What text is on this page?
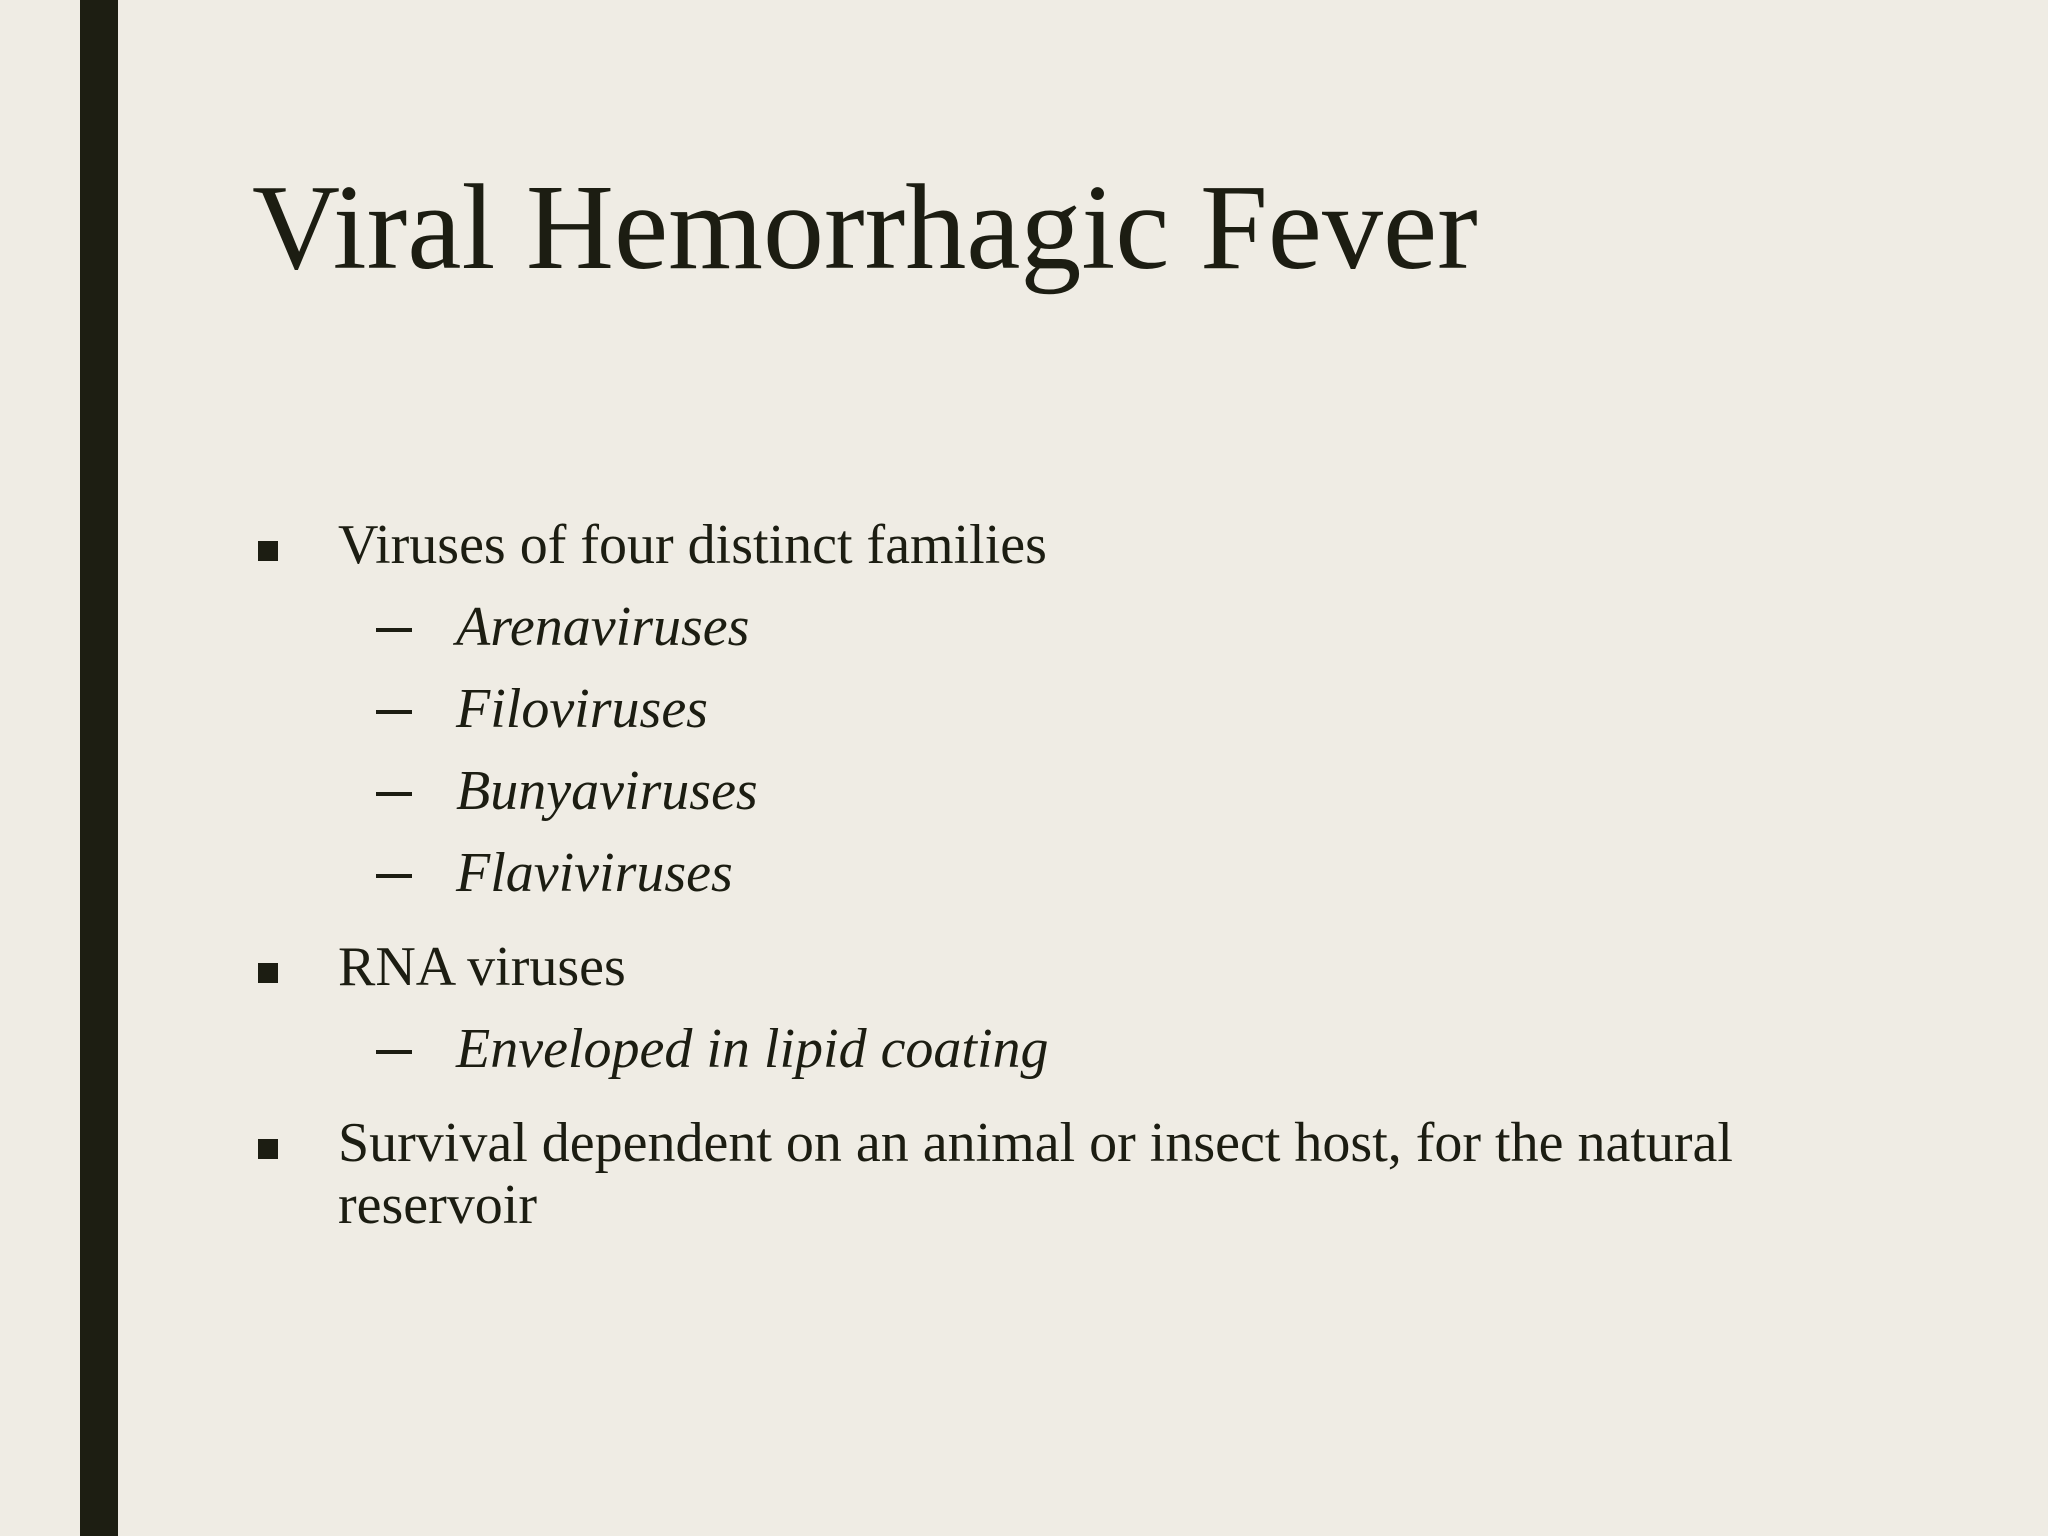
Viral Hemorrhagic Fever
Viruses of four distinct families
Arenaviruses
Filoviruses
Bunyaviruses
Flaviviruses
RNA viruses
Enveloped in lipid coating
Survival dependent on an animal or insect host, for the natural reservoir
